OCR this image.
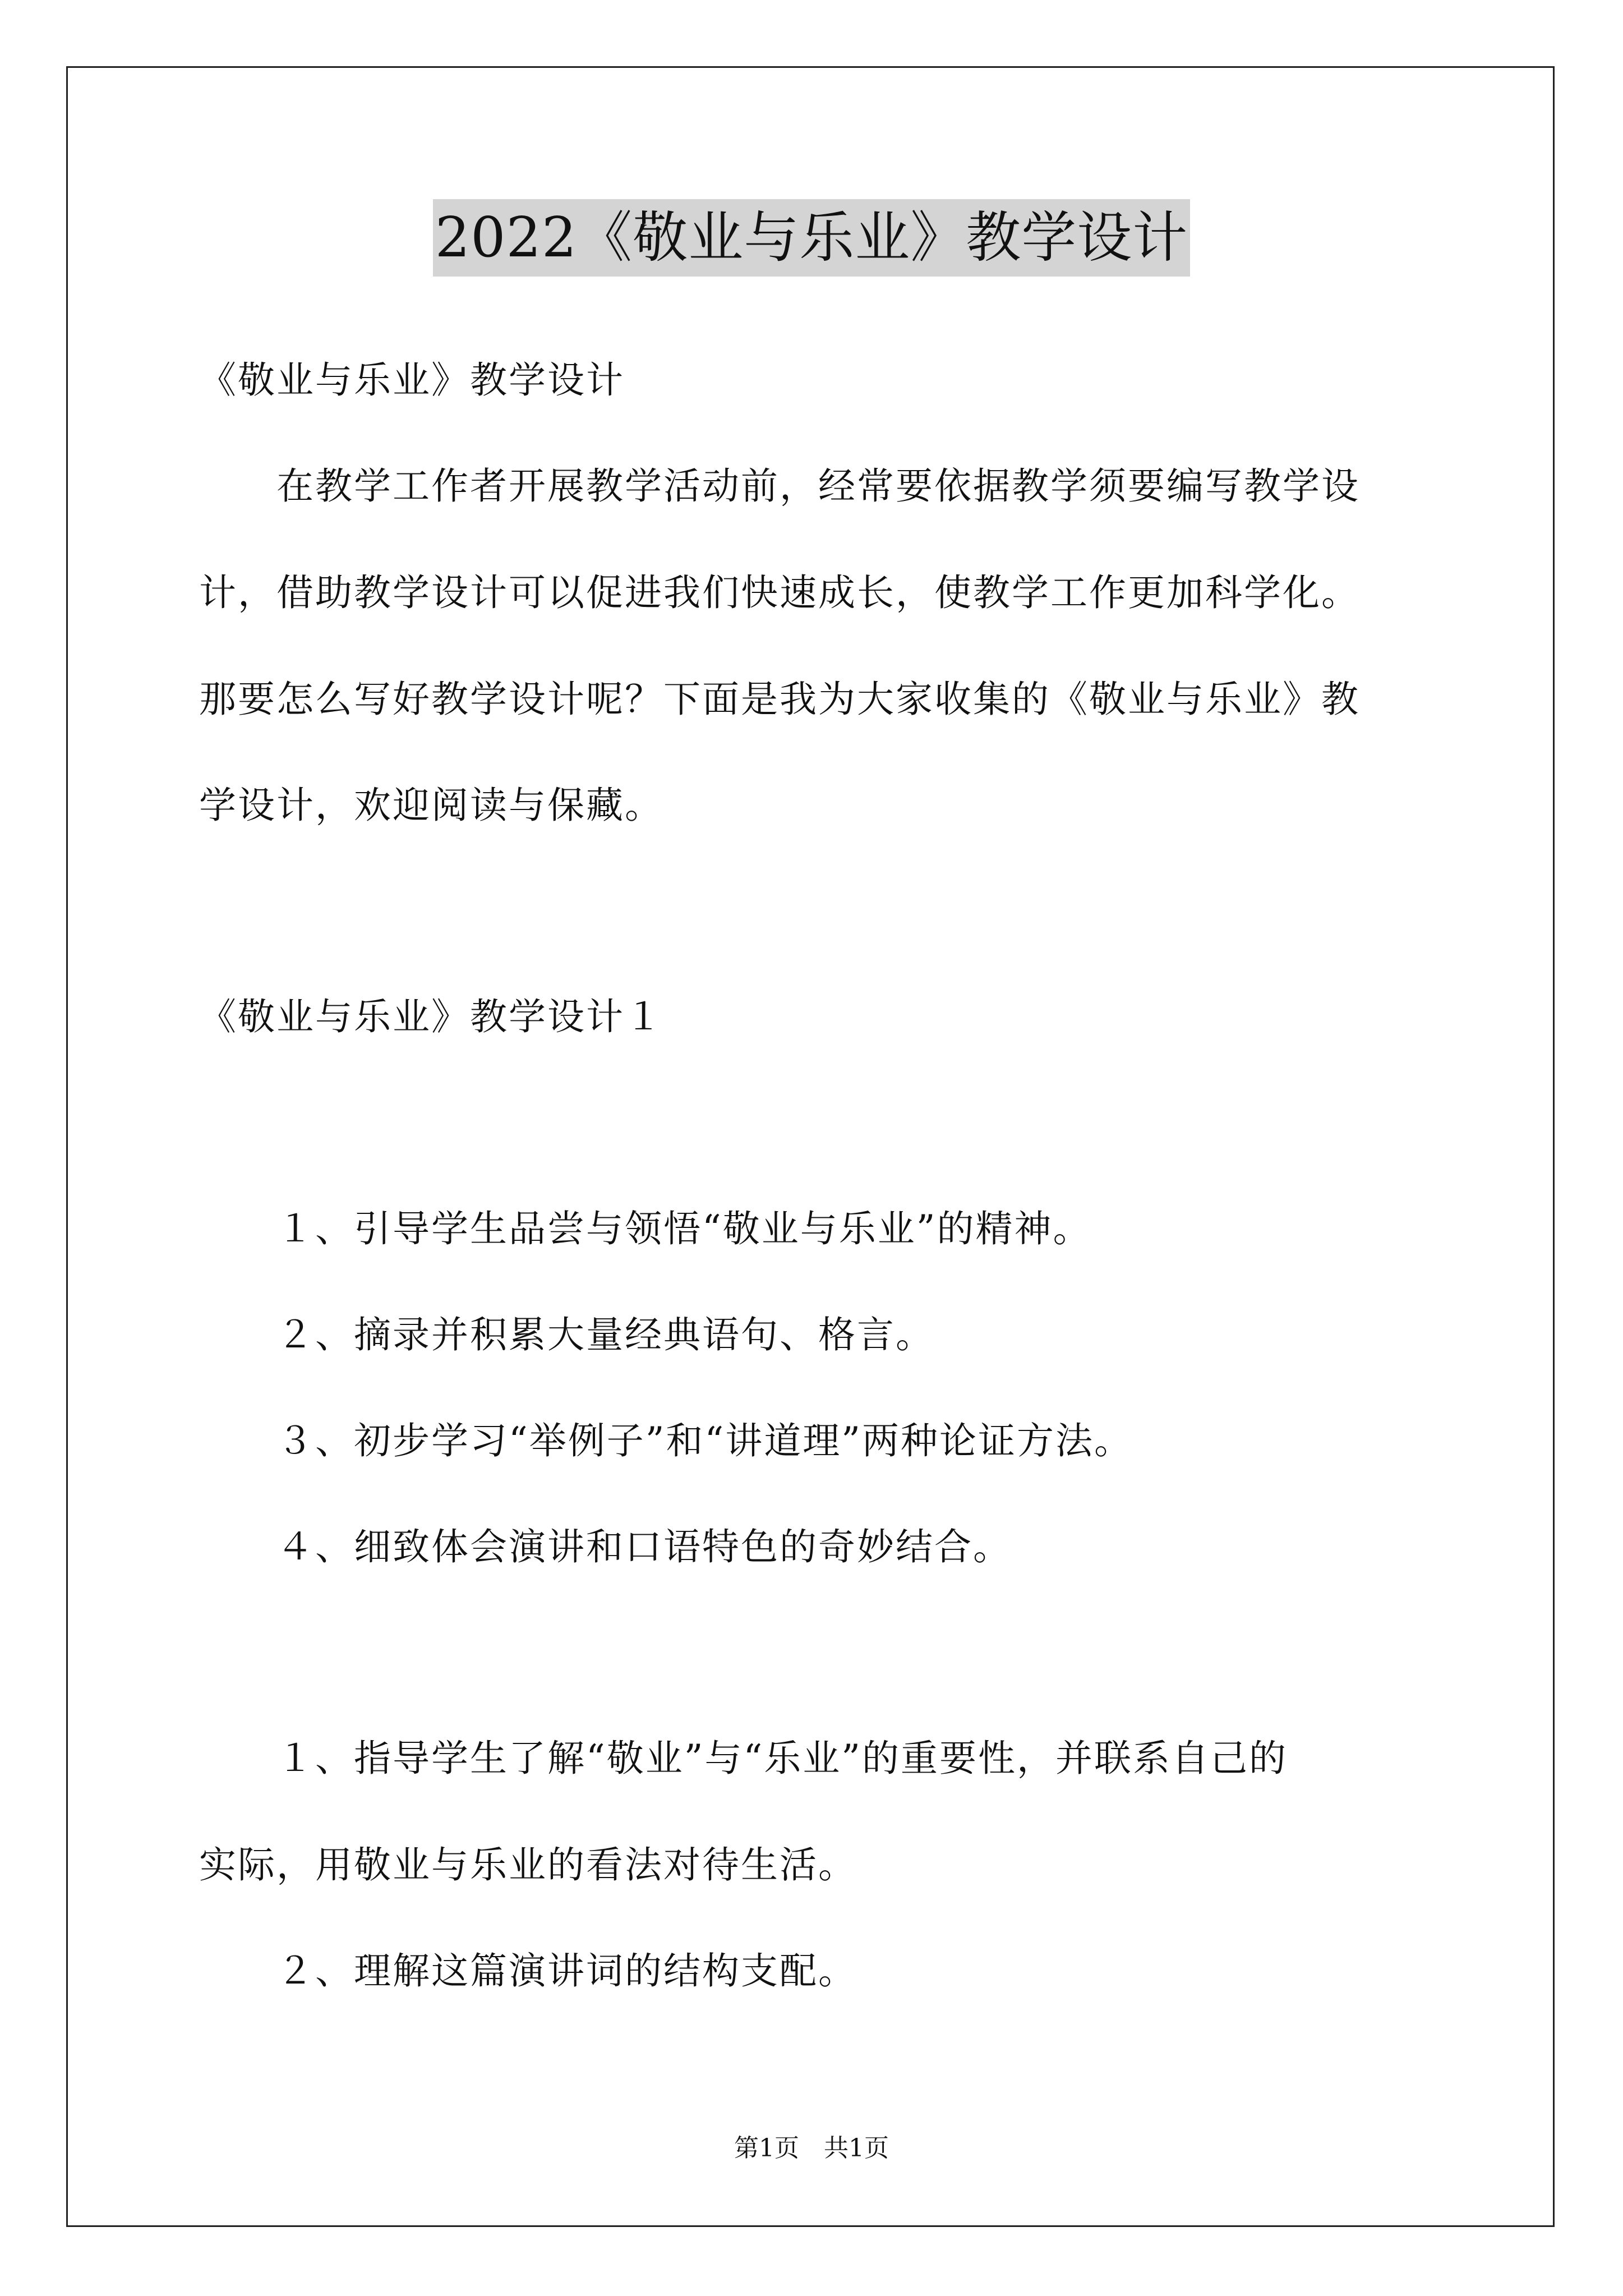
2022《敬业与乐业》教学设计

《敬业与乐业》教学设计

　　在教学工作者开展教学活动前，经常要依据教学须要编写教学设

计，借助教学设计可以促进我们快速成长，使教学工作更加科学化。

那要怎么写好教学设计呢？下面是我为大家收集的《敬业与乐业》教

学设计，欢迎阅读与保藏。

《敬业与乐业》教学设计１

　　１、引导学生品尝与领悟“敬业与乐业”的精神。

　　２、摘录并积累大量经典语句、格言。

　　３、初步学习“举例子”和“讲道理”两种论证方法。

　　４、细致体会演讲和口语特色的奇妙结合。

　　１、指导学生了解“敬业”与“乐业”的重要性，并联系自己的

实际，用敬业与乐业的看法对待生活。

　　２、理解这篇演讲词的结构支配。

第1页　共1页
